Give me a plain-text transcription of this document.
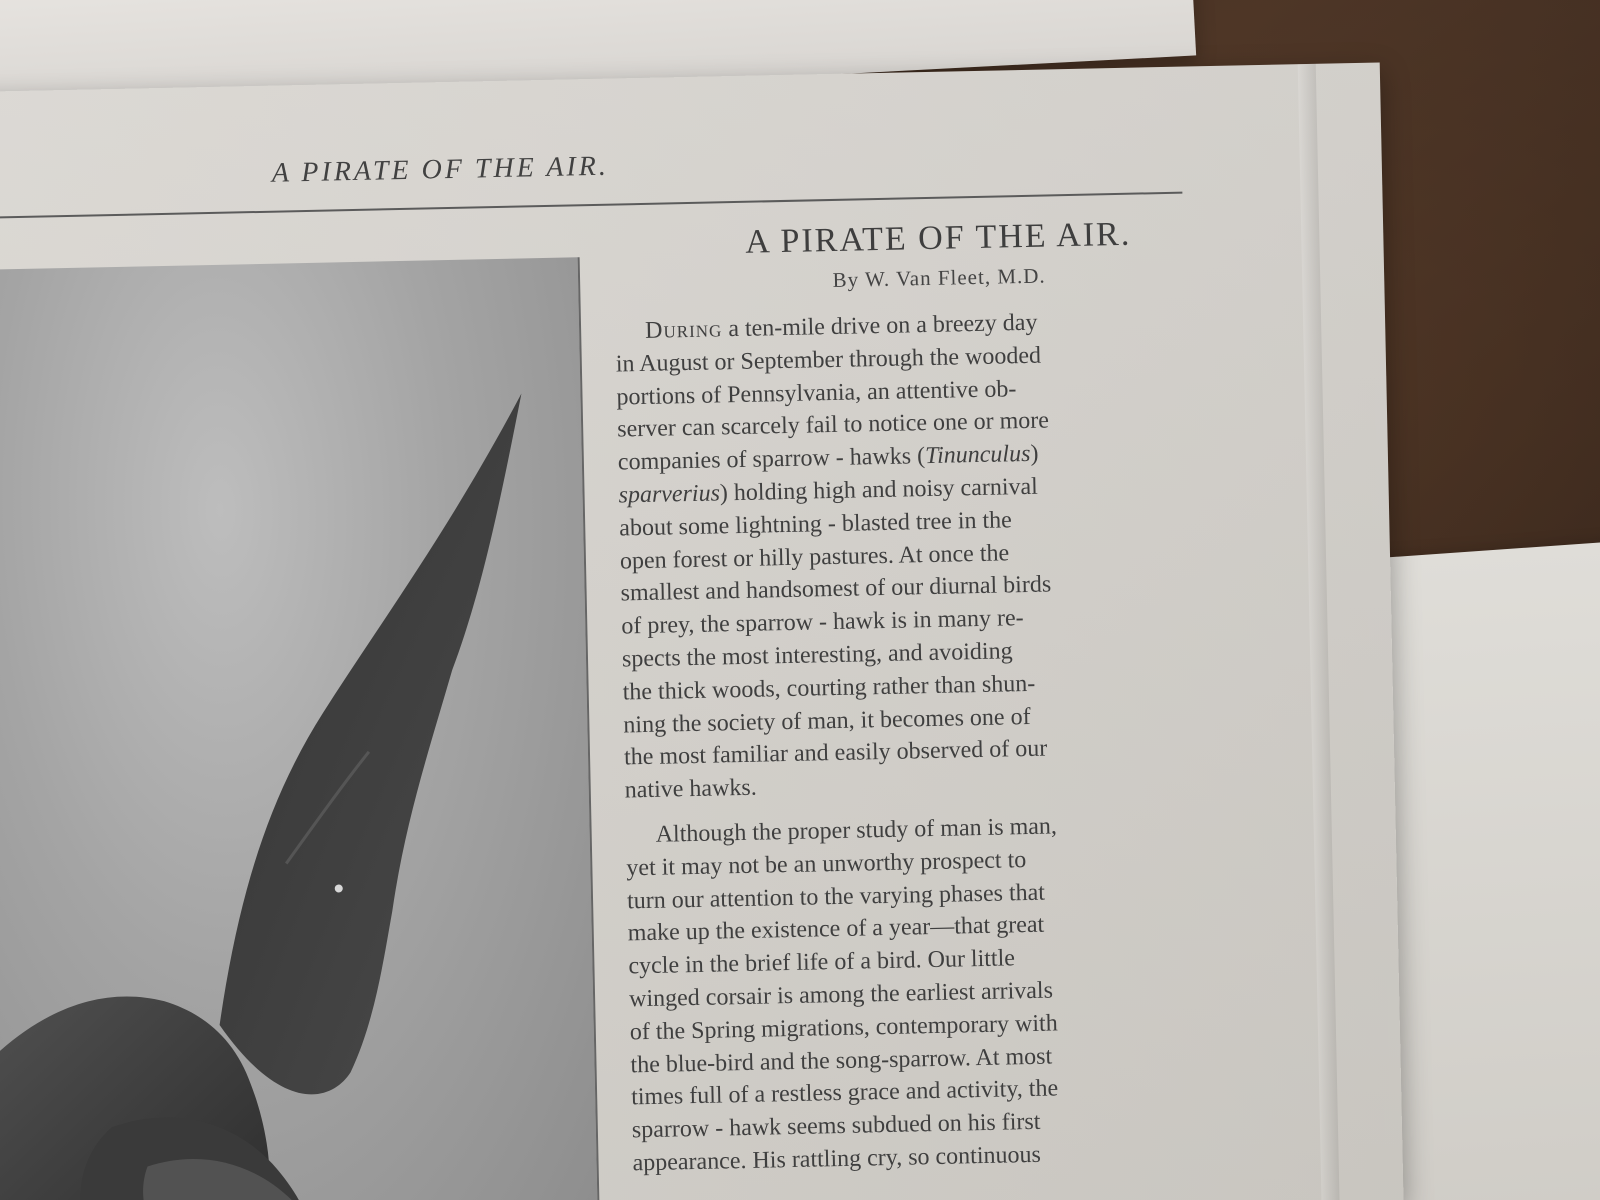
A PIRATE OF THE AIR.
A PIRATE OF THE AIR.
By W. Van Fleet, M.D.
During a ten-mile drive on a breezy day
in August or September through the wooded
portions of Pennsylvania, an attentive ob-
server can scarcely fail to notice one or more
companies of sparrow - hawks (Tinunculus)
sparverius) holding high and noisy carnival
about some lightning - blasted tree in the
open forest or hilly pastures. At once the
smallest and handsomest of our diurnal birds
of prey, the sparrow - hawk is in many re-
spects the most interesting, and avoiding
the thick woods, courting rather than shun-
ning the society of man, it becomes one of
the most familiar and easily observed of our
native hawks.
Although the proper study of man is man,
yet it may not be an unworthy prospect to
turn our attention to the varying phases that
make up the existence of a year—that great
cycle in the brief life of a bird. Our little
winged corsair is among the earliest arrivals
of the Spring migrations, contemporary with
the blue-bird and the song-sparrow. At most
times full of a restless grace and activity, the
sparrow - hawk seems subdued on his first
appearance. His rattling cry, so continuous
